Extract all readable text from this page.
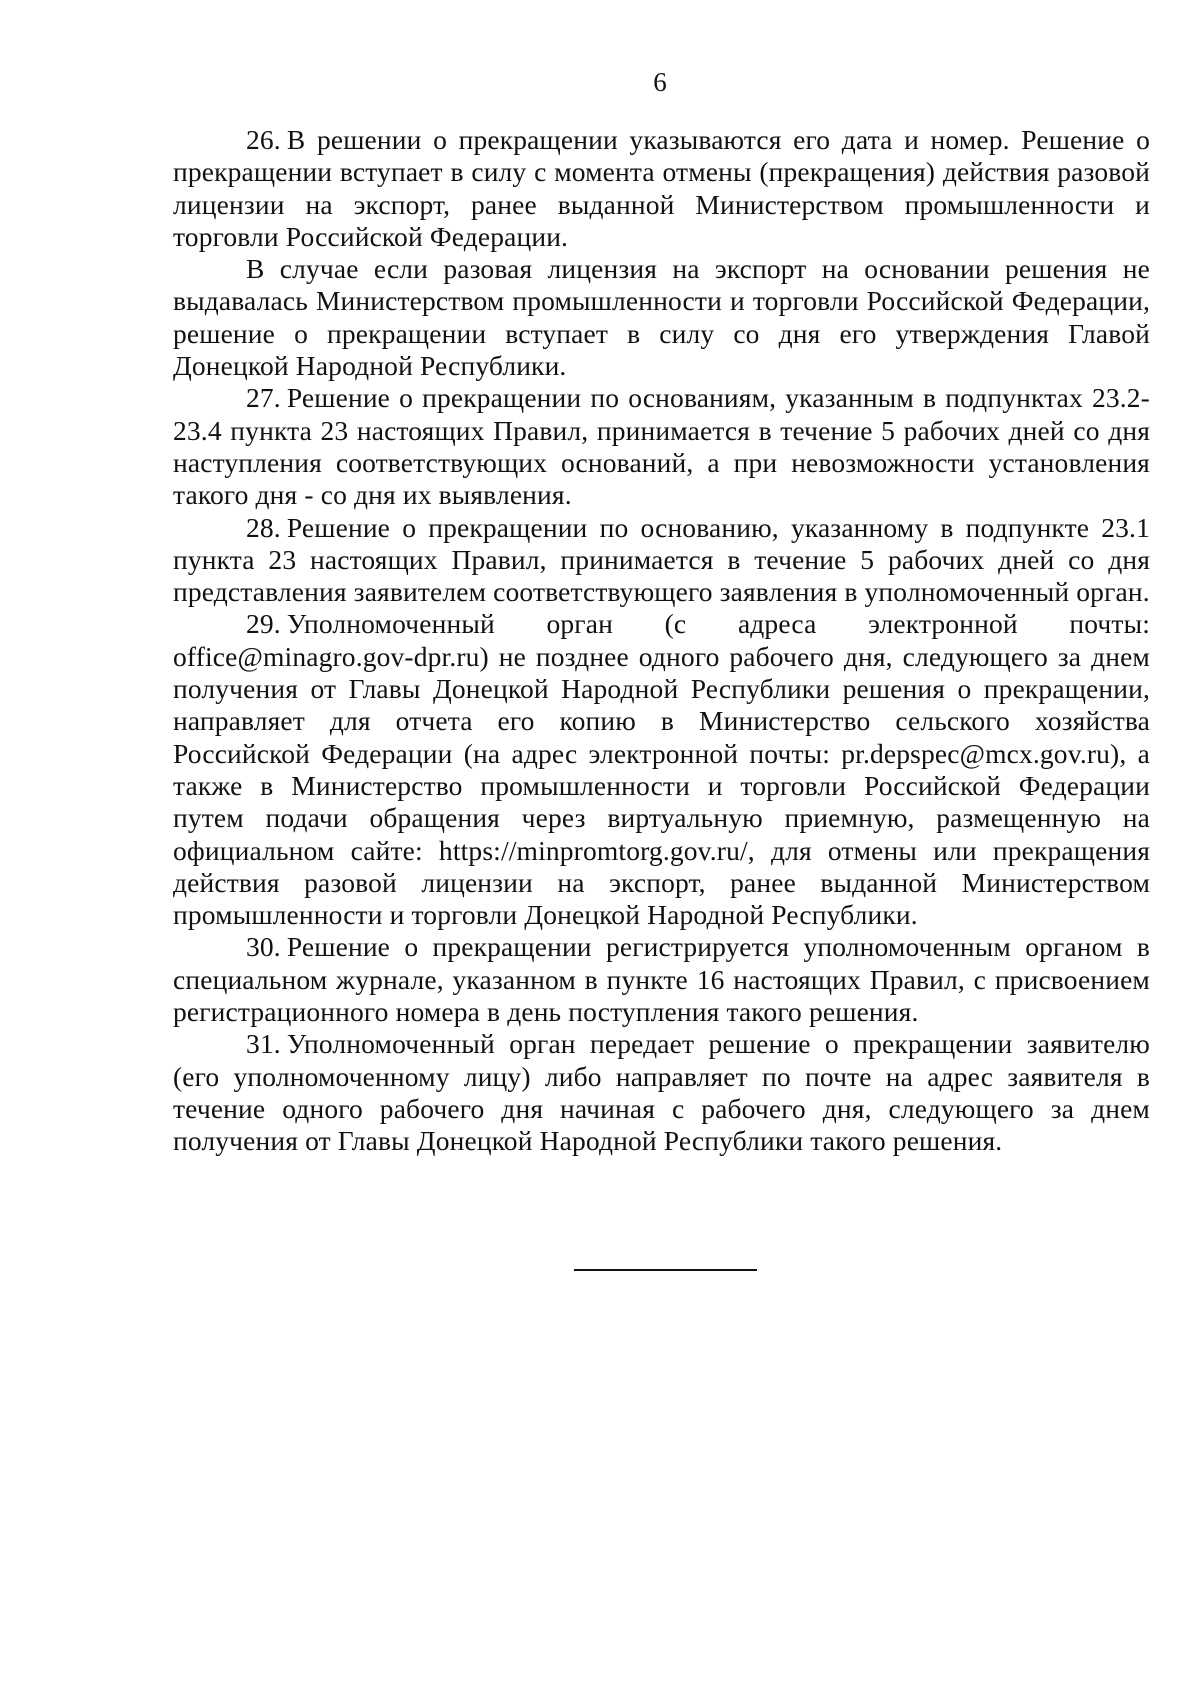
6

26. В решении о прекращении указываются его дата и номер. Решение о прекращении вступает в силу с момента отмены (прекращения) действия разовой лицензии на экспорт, ранее выданной Министерством промышленности и торговли Российской Федерации.

В случае если разовая лицензия на экспорт на основании решения не выдавалась Министерством промышленности и торговли Российской Федерации, решение о прекращении вступает в силу со дня его утверждения Главой Донецкой Народной Республики.

27. Решение о прекращении по основаниям, указанным в подпунктах 23.2-23.4 пункта 23 настоящих Правил, принимается в течение 5 рабочих дней со дня наступления соответствующих оснований, а при невозможности установления такого дня - со дня их выявления.

28. Решение о прекращении по основанию, указанному в подпункте 23.1 пункта 23 настоящих Правил, принимается в течение 5 рабочих дней со дня представления заявителем соответствующего заявления в уполномоченный орган.

29. Уполномоченный орган (с адреса электронной почты: office@minagro.gov-dpr.ru) не позднее одного рабочего дня, следующего за днем получения от Главы Донецкой Народной Республики решения о прекращении, направляет для отчета его копию в Министерство сельского хозяйства Российской Федерации (на адрес электронной почты: pr.depspec@mcx.gov.ru), а также в Министерство промышленности и торговли Российской Федерации путем подачи обращения через виртуальную приемную, размещенную на официальном сайте: https://minpromtorg.gov.ru/, для отмены или прекращения действия разовой лицензии на экспорт, ранее выданной Министерством промышленности и торговли Донецкой Народной Республики.

30. Решение о прекращении регистрируется уполномоченным органом в специальном журнале, указанном в пункте 16 настоящих Правил, с присвоением регистрационного номера в день поступления такого решения.

31. Уполномоченный орган передает решение о прекращении заявителю (его уполномоченному лицу) либо направляет по почте на адрес заявителя в течение одного рабочего дня начиная с рабочего дня, следующего за днем получения от Главы Донецкой Народной Республики такого решения.
